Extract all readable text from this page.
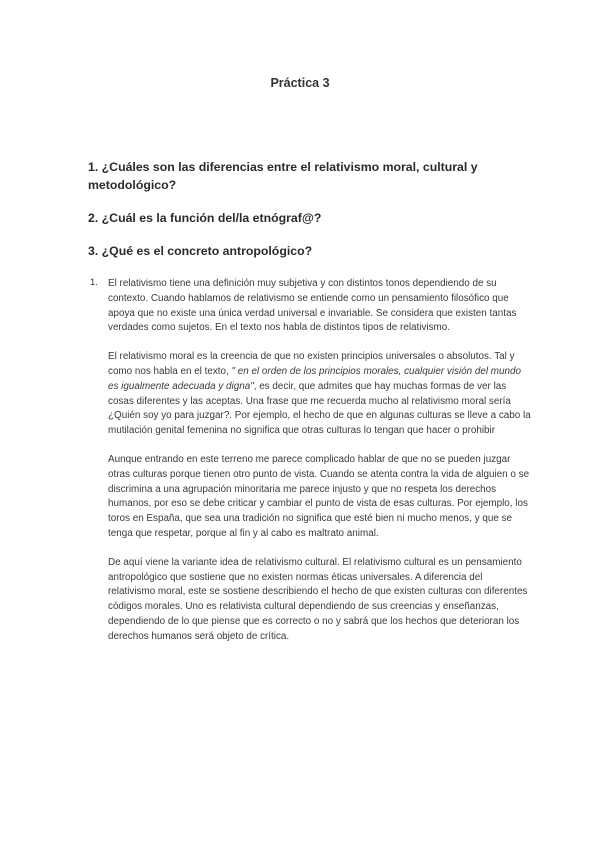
Práctica 3

1. ¿Cuáles son las diferencias entre el relativismo moral, cultural y metodológico?

2. ¿Cuál es la función del/la etnógraf@?

3. ¿Qué es el concreto antropológico?

1. El relativismo tiene una definición muy subjetiva y con distintos tonos dependiendo de su contexto. Cuando hablamos de relativismo se entiende como un pensamiento filosófico que apoya que no existe una única verdad universal e invariable. Se considera que existen tantas verdades como sujetos. En el texto nos habla de distintos tipos de relativismo.

El relativismo moral es la creencia de que no existen principios universales o absolutos. Tal y como nos habla en el texto, " en el orden de los principios morales, cualquier visión del mundo es igualmente adecuada y digna", es decir, que admites que hay muchas formas de ver las cosas diferentes y las aceptas. Una frase que me recuerda mucho al relativismo moral sería ¿Quién soy yo para juzgar?. Por ejemplo, el hecho de que en algunas culturas se lleve a cabo la mutilación genital femenina no significa que otras culturas lo tengan que hacer o prohibir

Aunque entrando en este terreno me parece complicado hablar de que no se pueden juzgar otras culturas porque tienen otro punto de vista. Cuando se atenta contra la vida de alguien o se discrimina a una agrupación minoritaria me parece injusto y que no respeta los derechos humanos, por eso se debe criticar y cambiar el punto de vista de esas culturas. Por ejemplo, los toros en España, que sea una tradición no significa que esté bien ni mucho menos, y que se tenga que respetar, porque al fin y al cabo es maltrato animal.

De aquí viene la variante idea de relativismo cultural. El relativismo cultural es un pensamiento antropológico que sostiene que no existen normas éticas universales. A diferencia del relativismo moral, este se sostiene describiendo el hecho de que existen culturas con diferentes códigos morales. Uno es relativista cultural dependiendo de sus creencias y enseñanzas, dependiendo de lo que piense que es correcto o no y sabrá que los hechos que deterioran los derechos humanos será objeto de crítica.
